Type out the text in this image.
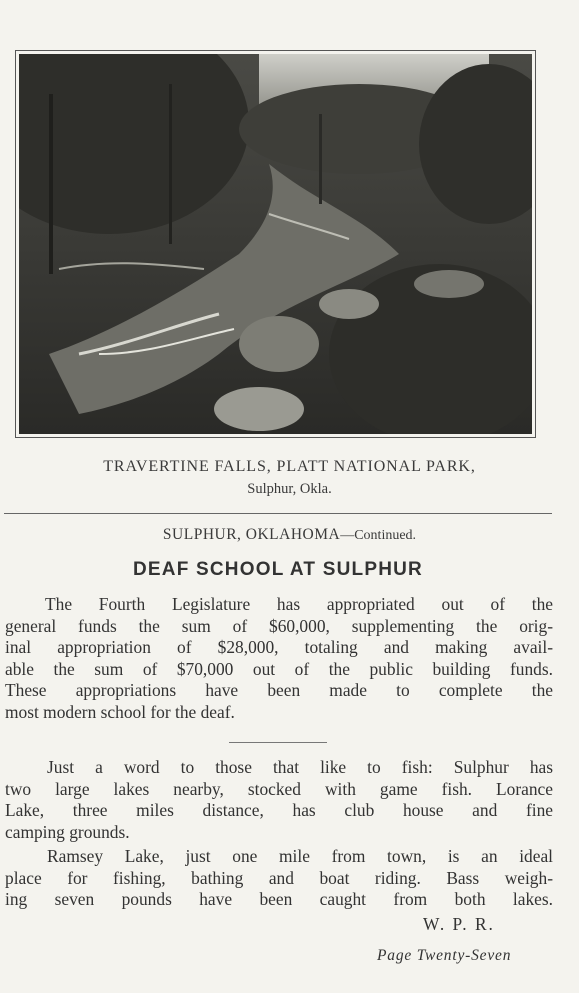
TRAVERTINE FALLS, PLATT NATIONAL PARK,
Sulphur, Okla.
SULPHUR, OKLAHOMA—Continued.
DEAF SCHOOL AT SULPHUR
The Fourth Legislature has appropriated out of the
general funds the sum of $60,000, supplementing the orig-
inal appropriation of $28,000, totaling and making avail-
able the sum of $70,000 out of the public building funds.
These appropriations have been made to complete the
most modern school for the deaf.
Just a word to those that like to fish: Sulphur has
two large lakes nearby, stocked with game fish. Lorance
Lake, three miles distance, has club house and fine
camping grounds.
Ramsey Lake, just one mile from town, is an ideal
place for fishing, bathing and boat riding. Bass weigh-
ing seven pounds have been caught from both lakes.
W. P. R.
Page Twenty-Seven
